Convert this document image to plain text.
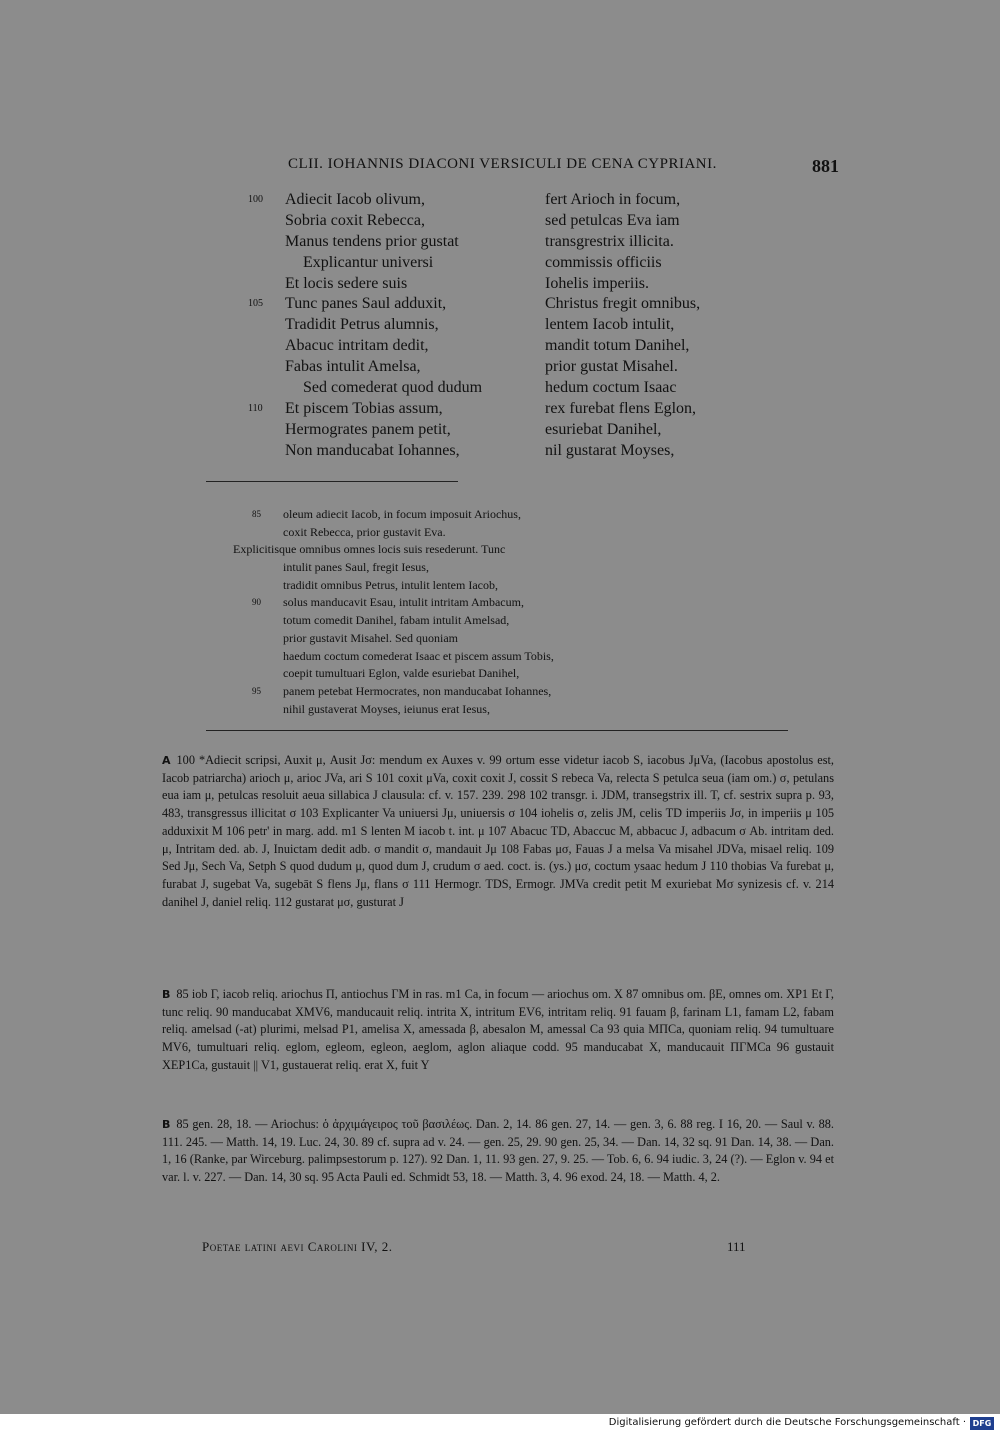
CLII. IOHANNIS DIACONI VERSICULI DE CENA CYPRIANI.	881
100	Adiecit Iacob olivum,	fert Arioch in focum,
Sobria coxit Rebecca,	sed petulcas Eva iam
Manus tendens prior gustat	transgrestrix illicita.
Explicantur universi	commissis officiis
Et locis sedere suis	Iohelis imperiis.
105	Tunc panes Saul adduxit,	Christus fregit omnibus,
Tradidit Petrus alumnis,	lentem Iacob intulit,
Abacuc intritam dedit,	mandit totum Danihel,
Fabas intulit Amelsa,	prior gustat Misahel.
Sed comederat quod dudum	hedum coctum Isaac
110	Et piscem Tobias assum,	rex furebat flens Eglon,
Hermogrates panem petit,	esuriebat Danihel,
Non manducabat Iohannes,	nil gustarat Moyses,
85 oleum adiecit Iacob, in focum imposuit Ariochus,
coxit Rebecca, prior gustavit Eva.
Explicitisque omnibus omnes locis suis resederunt. Tunc
intulit panes Saul, fregit Iesus,
tradidit omnibus Petrus, intulit lentem Iacob,
90 solus manducavit Esau, intulit intritam Ambacum,
totum comedit Danihel, fabam intulit Amelsad,
prior gustavit Misahel. Sed quoniam
haedum coctum comederat Isaac et piscem assum Tobis,
coepit tumultuari Eglon, valde esuriebat Danihel,
95 panem petebat Hermocrates, non manducabat Iohannes,
nihil gustaverat Moyses, ieiunus erat Iesus,
A 100 *Adiecit scripsi, Auxit μ, Ausit Jσ: mendum ex Auxes v. 99 ortum esse videtur iacob S, iacobus JμVa, (Iacobus apostolus est, Iacob patriarcha) arioch μ, arioc JVa, ari S 101 coxit μVa, coxit coxit J, cossit S rebeca Va, relecta S petulca seua (iam om.) σ, petulans eua iam μ, petulcas resoluit aeua sillabica J clausula: cf. v. 157. 239. 298 102 transgr. i. JDM, transegstrix ill. T, cf. sestrix supra p. 93, 483, transgressus illicitat σ 103 Explicanter Va uniuersi Jμ, uniuersis σ 104 iohelis σ, zelis JM, celis TD imperiis Jσ, in imperiis μ 105 adduxixit M 106 petr' in marg. add. m1 S lenten M iacob t. int. μ 107 Abacuc TD, Abaccuc M, abbacuc J, adbacum σ Ab. intritam ded. μ, Intritam ded. ab. J, Inuictam dedit adb. σ mandit σ, mandauit Jμ 108 Fabas μσ, Fauas J a melsa Va misahel JDVa, misael reliq. 109 Sed Jμ, Sech Va, Setph S quod dudum μ, quod dum J, crudum σ aed. coct. is. (ys.) μσ, coctum ysaac hedum J 110 thobias Va furebat μ, furabat J, sugebat Va, sugebāt S flens Jμ, flans σ 111 Hermogr. TDS, Ermogr. JMVa credit petit M exuriebat Mσ synizesis cf. v. 214 danihel J, daniel reliq. 112 gustarat μσ, gusturat J
B 85 iob Γ, iacob reliq. ariochus Π, antiochus ΓM in ras. m1 Ca, in focum — ariochus om. X 87 omnibus om. βE, omnes om. XP1 Et Γ, tunc reliq. 90 manducabat XMV6, manducauit reliq. intrita X, intritum EV6, intritam reliq. 91 fauam β, farinam L1, famam L2, fabam reliq. amelsad (-at) plurimi, melsad P1, amelisa X, amessada β, abesalon M, amessal Ca 93 quia MΠCa, quoniam reliq. 94 tumultuare MV6, tumultuari reliq. eglom, egleom, egleon, aeglom, aglon aliaque codd. 95 manducabat X, manducauit ΠΓMCa 96 gustauit XEP1Ca, gustauit || V1, gustauerat reliq. erat X, fuit Y
B 85 gen. 28, 18. — Ariochus: ὁ ἀρχιμάγειρος τοῦ βασιλέως. Dan. 2, 14. 86 gen. 27, 14. — gen. 3, 6. 88 reg. I 16, 20. — Saul v. 88. 111. 245. — Matth. 14, 19. Luc. 24, 30. 89 cf. supra ad v. 24. — gen. 25, 29. 90 gen. 25, 34. — Dan. 14, 32 sq. 91 Dan. 14, 38. — Dan. 1, 16 (Ranke, par Wirceburg. palimpsestorum p. 127). 92 Dan. 1, 11. 93 gen. 27, 9. 25. — Tob. 6, 6. 94 iudic. 3, 24 (?). — Eglon v. 94 et var. l. v. 227. — Dan. 14, 30 sq. 95 Acta Pauli ed. Schmidt 53, 18. — Matth. 3, 4. 96 exod. 24, 18. — Matth. 4, 2.
Poetae latini aevi Carolini IV, 2.	111
Digitalisierung gefördert durch die Deutsche Forschungsgemeinschaft · DFG
